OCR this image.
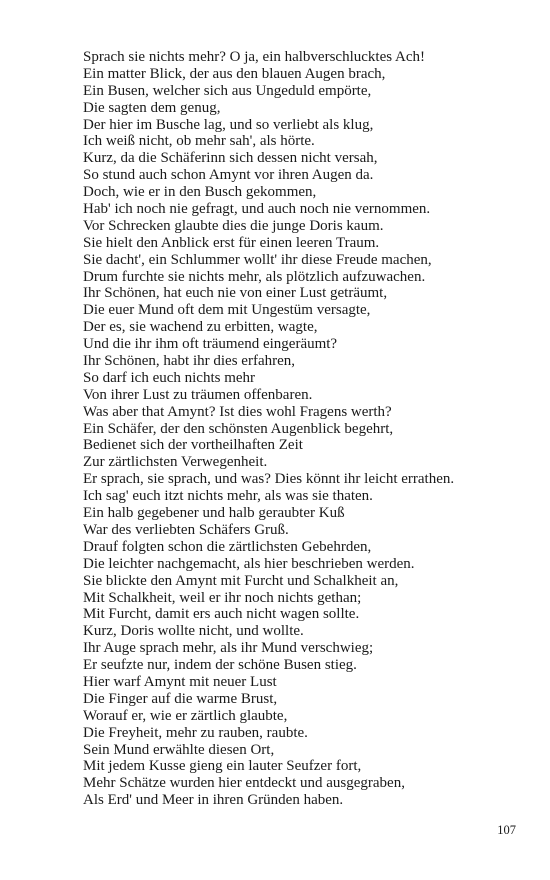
Sprach sie nichts mehr? O ja, ein halbverschlucktes Ach!
Ein matter Blick, der aus den blauen Augen brach,
Ein Busen, welcher sich aus Ungeduld empörte,
Die sagten dem genug,
Der hier im Busche lag, und so verliebt als klug,
Ich weiß nicht, ob mehr sah', als hörte.
Kurz, da die Schäferinn sich dessen nicht versah,
So stund auch schon Amynt vor ihren Augen da.
Doch, wie er in den Busch gekommen,
Hab' ich noch nie gefragt, und auch noch nie vernommen.
Vor Schrecken glaubte dies die junge Doris kaum.
Sie hielt den Anblick erst für einen leeren Traum.
Sie dacht', ein Schlummer wollt' ihr diese Freude machen,
Drum furchte sie nichts mehr, als plötzlich aufzuwachen.
Ihr Schönen, hat euch nie von einer Lust geträumt,
Die euer Mund oft dem mit Ungestüm versagte,
Der es, sie wachend zu erbitten, wagte,
Und die ihr ihm oft träumend eingeräumt?
Ihr Schönen, habt ihr dies erfahren,
So darf ich euch nichts mehr
Von ihrer Lust zu träumen offenbaren.
Was aber that Amynt? Ist dies wohl Fragens werth?
Ein Schäfer, der den schönsten Augenblick begehrt,
Bedienet sich der vortheilhaften Zeit
Zur zärtlichsten Verwegenheit.
Er sprach, sie sprach, und was? Dies könnt ihr leicht errathen.
Ich sag' euch itzt nichts mehr, als was sie thaten.
Ein halb gegebener und halb geraubter Kuß
War des verliebten Schäfers Gruß.
Drauf folgten schon die zärtlichsten Gebehrden,
Die leichter nachgemacht, als hier beschrieben werden.
Sie blickte den Amynt mit Furcht und Schalkheit an,
Mit Schalkheit, weil er ihr noch nichts gethan;
Mit Furcht, damit ers auch nicht wagen sollte.
Kurz, Doris wollte nicht, und wollte.
Ihr Auge sprach mehr, als ihr Mund verschwieg;
Er seufzte nur, indem der schöne Busen stieg.
Hier warf Amynt mit neuer Lust
Die Finger auf die warme Brust,
Worauf er, wie er zärtlich glaubte,
Die Freyheit, mehr zu rauben, raubte.
Sein Mund erwählte diesen Ort,
Mit jedem Kusse gieng ein lauter Seufzer fort,
Mehr Schätze wurden hier entdeckt und ausgegraben,
Als Erd' und Meer in ihren Gründen haben.
107
